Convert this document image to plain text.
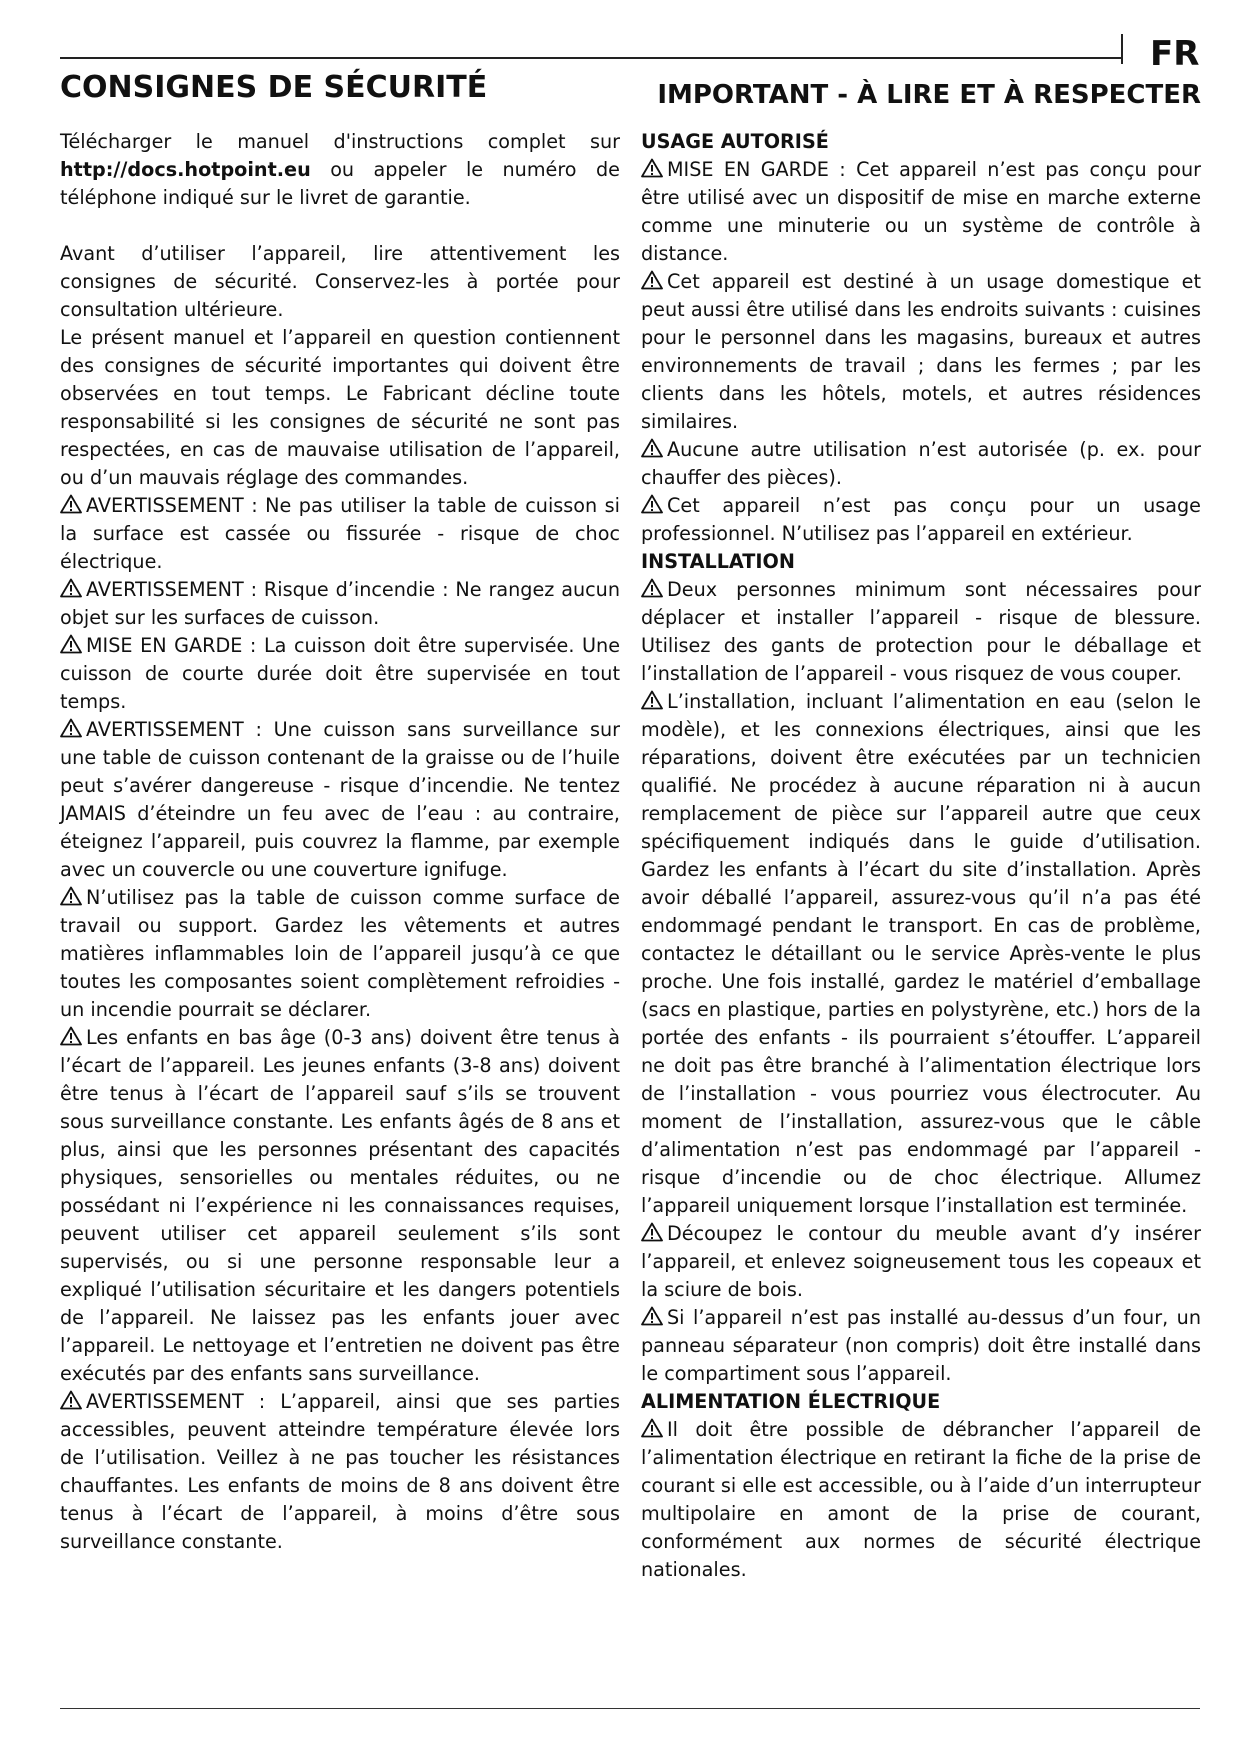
FR
CONSIGNES DE SÉCURITÉ	IMPORTANT - À LIRE ET À RESPECTER

Télécharger le manuel d'instructions complet sur http://docs.hotpoint.eu ou appeler le numéro de téléphone indiqué sur le livret de garantie.

Avant d’utiliser l’appareil, lire attentivement les consignes de sécurité. Conservez-les à portée pour consultation ultérieure.

Le présent manuel et l’appareil en question contiennent des consignes de sécurité importantes qui doivent être observées en tout temps. Le Fabricant décline toute responsabilité si les consignes de sécurité ne sont pas respectées, en cas de mauvaise utilisation de l’appareil, ou d’un mauvais réglage des commandes.

AVERTISSEMENT : Ne pas utiliser la table de cuisson si la surface est cassée ou fissurée - risque de choc électrique.

AVERTISSEMENT : Risque d’incendie : Ne rangez aucun objet sur les surfaces de cuisson.

MISE EN GARDE : La cuisson doit être supervisée. Une cuisson de courte durée doit être supervisée en tout temps.

AVERTISSEMENT : Une cuisson sans surveillance sur une table de cuisson contenant de la graisse ou de l’huile peut s’avérer dangereuse - risque d’incendie. Ne tentez JAMAIS d’éteindre un feu avec de l’eau : au contraire, éteignez l’appareil, puis couvrez la flamme, par exemple avec un couvercle ou une couverture ignifuge.

N’utilisez pas la table de cuisson comme surface de travail ou support. Gardez les vêtements et autres matières inflammables loin de l’appareil jusqu’à ce que toutes les composantes soient complètement refroidies - un incendie pourrait se déclarer.

Les enfants en bas âge (0-3 ans) doivent être tenus à l’écart de l’appareil. Les jeunes enfants (3-8 ans) doivent être tenus à l’écart de l’appareil sauf s’ils se trouvent sous surveillance constante. Les enfants âgés de 8 ans et plus, ainsi que les personnes présentant des capacités physiques, sensorielles ou mentales réduites, ou ne possédant ni l’expérience ni les connaissances requises, peuvent utiliser cet appareil seulement s’ils sont supervisés, ou si une personne responsable leur a expliqué l’utilisation sécuritaire et les dangers potentiels de l’appareil. Ne laissez pas les enfants jouer avec l’appareil. Le nettoyage et l’entretien ne doivent pas être exécutés par des enfants sans surveillance.

AVERTISSEMENT : L’appareil, ainsi que ses parties accessibles, peuvent atteindre température élevée lors de l’utilisation. Veillez à ne pas toucher les résistances chauffantes. Les enfants de moins de 8 ans doivent être tenus à l’écart de l’appareil, à moins d’être sous surveillance constante.

USAGE AUTORISÉ

MISE EN GARDE : Cet appareil n’est pas conçu pour être utilisé avec un dispositif de mise en marche externe comme une minuterie ou un système de contrôle à distance.

Cet appareil est destiné à un usage domestique et peut aussi être utilisé dans les endroits suivants : cuisines pour le personnel dans les magasins, bureaux et autres environnements de travail ; dans les fermes ; par les clients dans les hôtels, motels, et autres résidences similaires.

Aucune autre utilisation n’est autorisée (p. ex. pour chauffer des pièces).

Cet appareil n’est pas conçu pour un usage professionnel. N’utilisez pas l’appareil en extérieur.

INSTALLATION

Deux personnes minimum sont nécessaires pour déplacer et installer l’appareil - risque de blessure. Utilisez des gants de protection pour le déballage et l’installation de l’appareil - vous risquez de vous couper.

L’installation, incluant l’alimentation en eau (selon le modèle), et les connexions électriques, ainsi que les réparations, doivent être exécutées par un technicien qualifié. Ne procédez à aucune réparation ni à aucun remplacement de pièce sur l’appareil autre que ceux spécifiquement indiqués dans le guide d’utilisation. Gardez les enfants à l’écart du site d’installation. Après avoir déballé l’appareil, assurez-vous qu’il n’a pas été endommagé pendant le transport. En cas de problème, contactez le détaillant ou le service Après-vente le plus proche. Une fois installé, gardez le matériel d’emballage (sacs en plastique, parties en polystyrène, etc.) hors de la portée des enfants - ils pourraient s’étouffer. L’appareil ne doit pas être branché à l’alimentation électrique lors de l’installation - vous pourriez vous électrocuter. Au moment de l’installation, assurez-vous que le câble d’alimentation n’est pas endommagé par l’appareil - risque d’incendie ou de choc électrique. Allumez l’appareil uniquement lorsque l’installation est terminée.

Découpez le contour du meuble avant d’y insérer l’appareil, et enlevez soigneusement tous les copeaux et la sciure de bois.

Si l’appareil n’est pas installé au-dessus d’un four, un panneau séparateur (non compris) doit être installé dans le compartiment sous l’appareil.

ALIMENTATION ÉLECTRIQUE

Il doit être possible de débrancher l’appareil de l’alimentation électrique en retirant la fiche de la prise de courant si elle est accessible, ou à l’aide d’un interrupteur multipolaire en amont de la prise de courant, conformément aux normes de sécurité électrique nationales.
